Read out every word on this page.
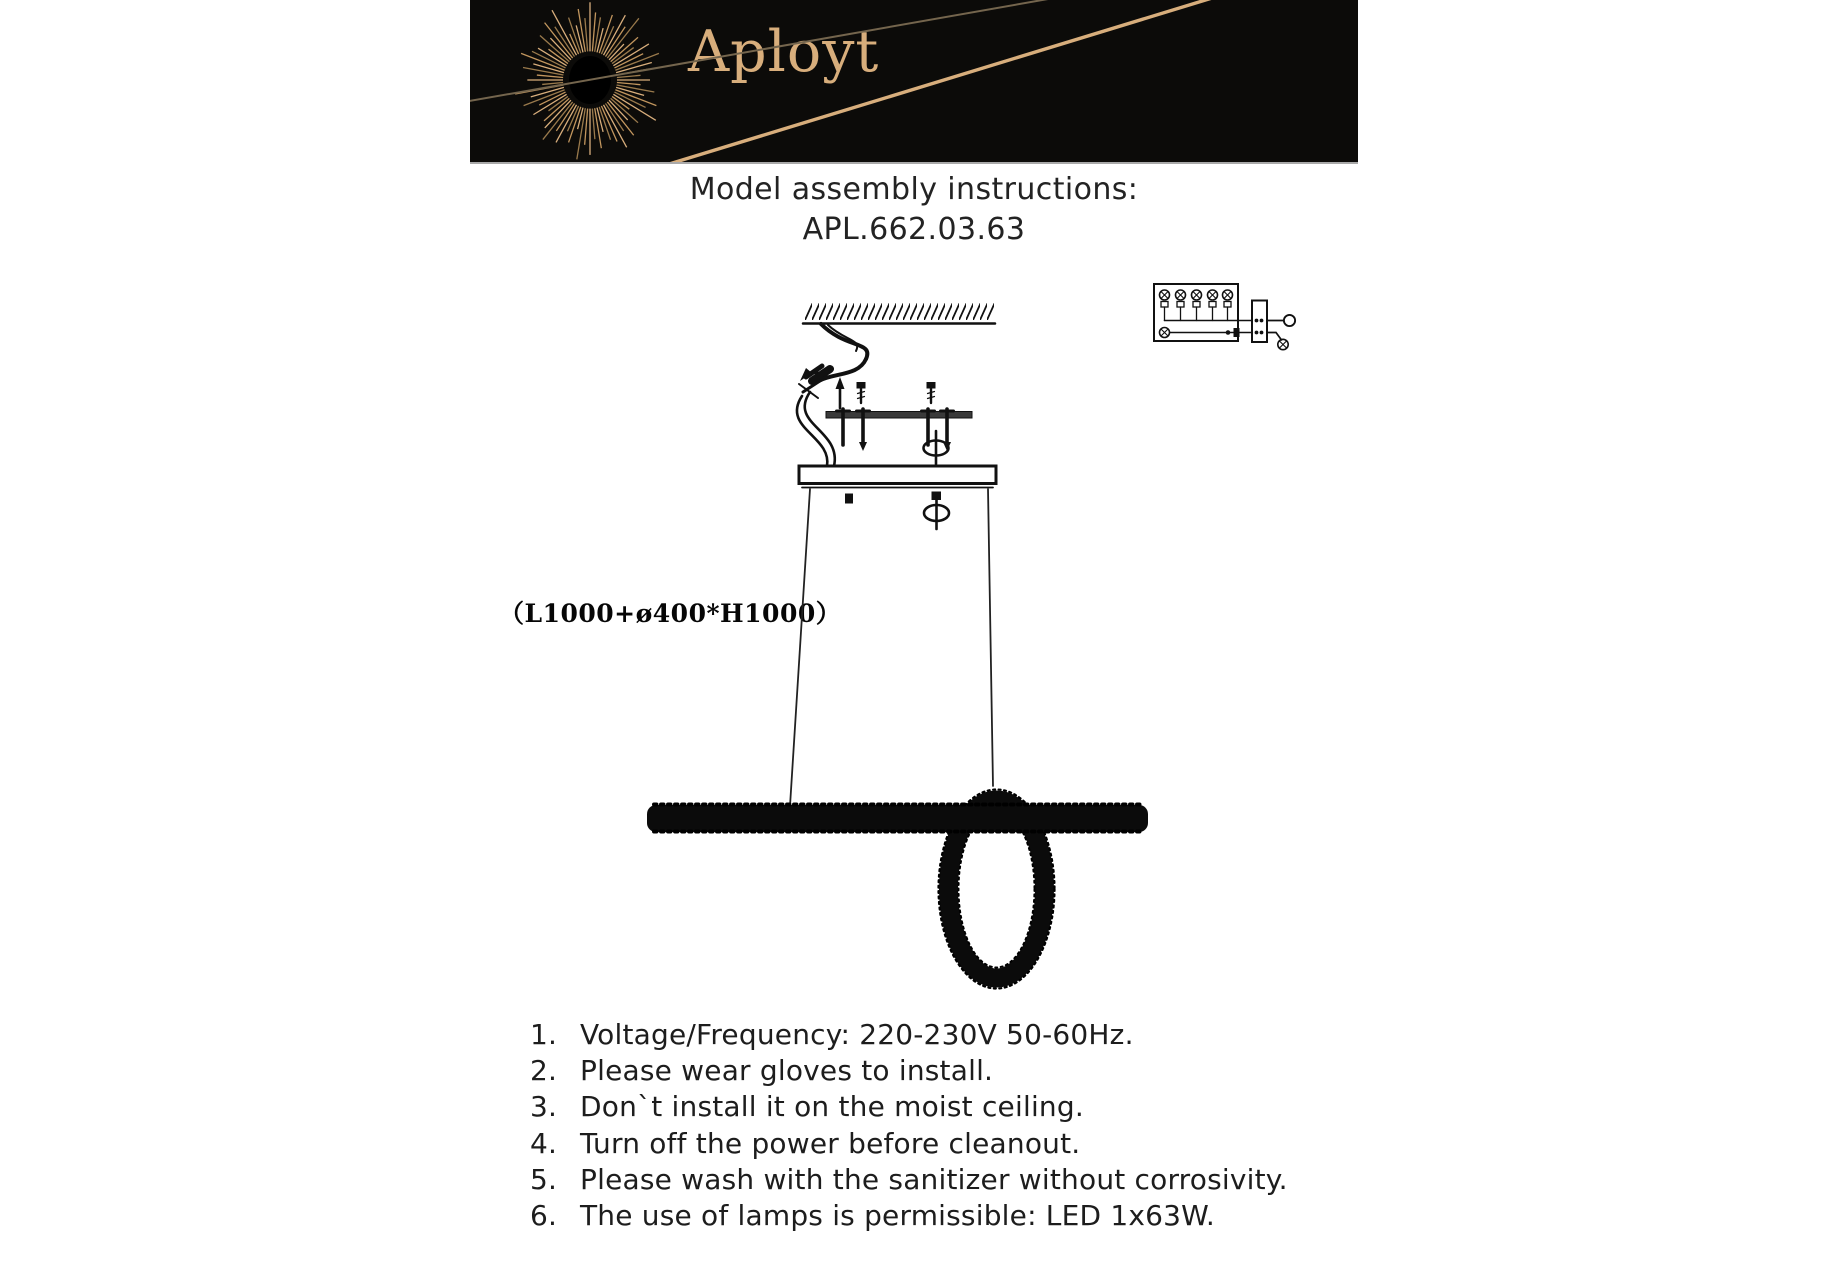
Aployt
Model assembly instructions:
APL.662.03.63
（L1000+ø400*H1000）
1. Voltage/Frequency: 220-230V 50-60Hz.
2. Please wear gloves to install.
3. Don`t install it on the moist ceiling.
4. Turn off the power before cleanout.
5. Please wash with the sanitizer without corrosivity.
6. The use of lamps is permissible: LED 1x63W.
